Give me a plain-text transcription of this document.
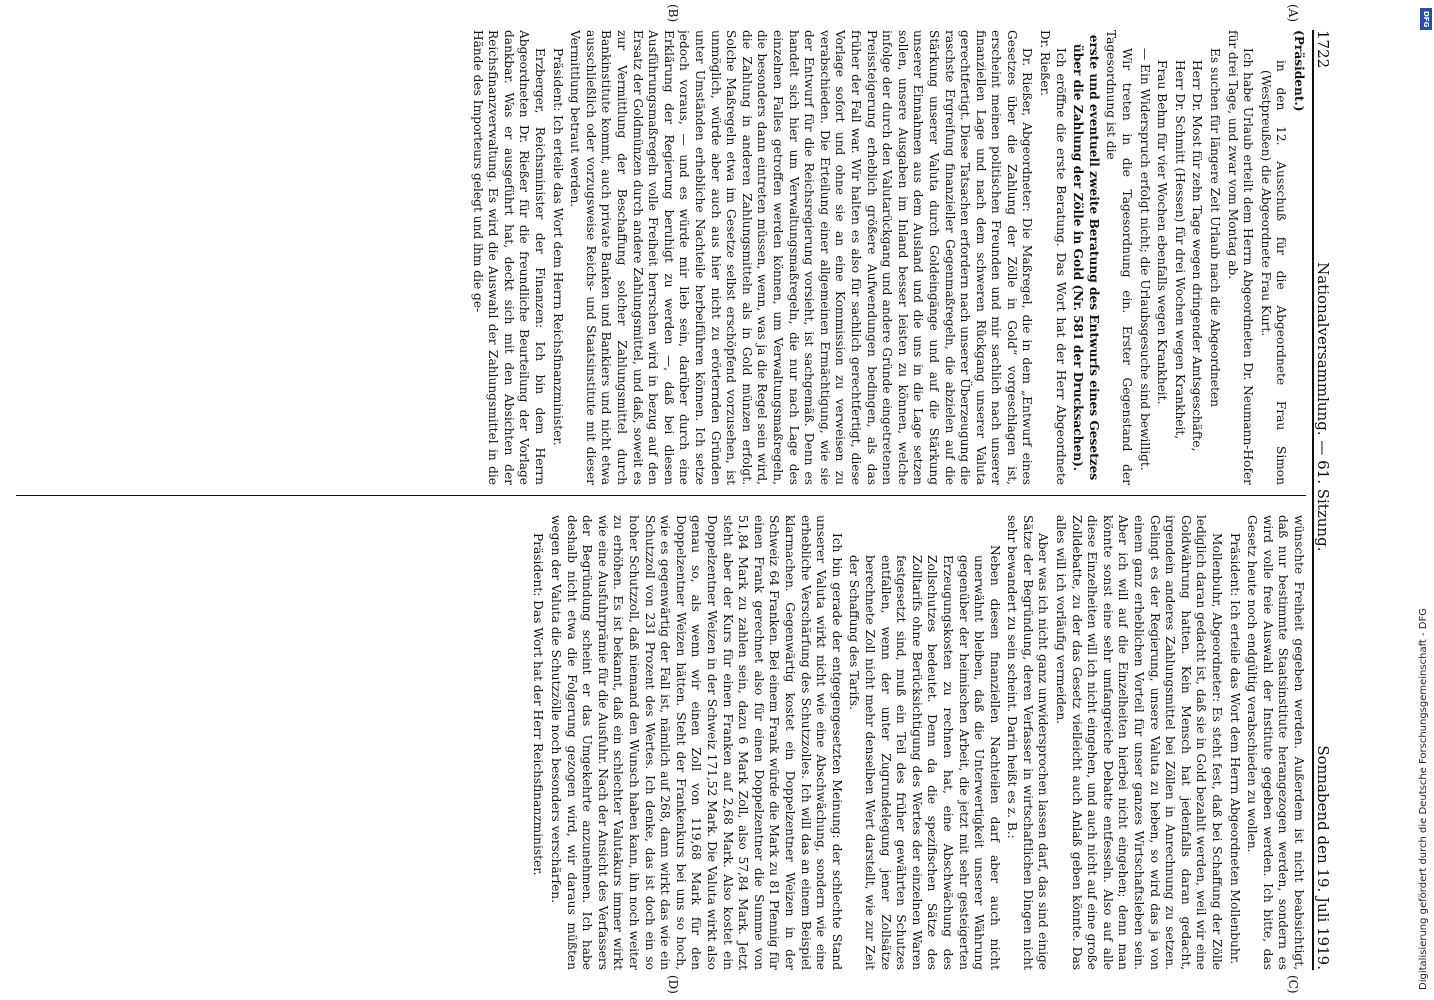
1722
Nationalversammlung. — 61. Sitzung.
Sonnabend den 19. Juli 1919.
(A)
(B)
(C)
(D)

(Präsident.)

in den 12. Ausschuß für die Abgeordnete Frau Simon (Westpreußen) die Abgeordnete Frau Kurt.

Ich habe Urlaub erteilt dem Herrn Abgeordneten Dr. Neumann-Hofer für drei Tage, und zwar vom Montag ab.

Es suchen für längere Zeit Urlaub nach die Abgeordneten

Herr Dr. Most für zehn Tage wegen dringender Amtsgeschäfte,

Herr Dr. Schmitt (Hessen) für drei Wochen wegen Krankheit,

Frau Behm für vier Wochen ebenfalls wegen Krankheit.

— Ein Widerspruch erfolgt nicht; die Urlaubsgesuche sind bewilligt.

Wir treten in die Tagesordnung ein. Erster Gegenstand der Tagesordnung ist die

erste und eventuell zweite Beratung des Entwurfs eines Gesetzes über die Zahlung der Zölle in Gold (Nr. 581 der Drucksachen).

Ich eröffne die erste Beratung. Das Wort hat der Herr Abgeordnete Dr. Rießer.

Dr. Rießer, Abgeordneter: Die Maßregel, die in dem „Entwurf eines Gesetzes über die Zahlung der Zölle in Gold“ vorgeschlagen ist, erscheint meinen politischen Freunden und mir sachlich nach unserer finanziellen Lage und nach dem schweren Rückgang unserer Valuta gerechtfertigt. Diese Tatsachen erfordern nach unserer Überzeugung die raschste Ergreifung finanzieller Gegenmaßregeln, die abzielen auf die Stärkung unserer Valuta durch Goldeingänge und auf die Stärkung unserer Einnahmen aus dem Ausland und die uns in die Lage setzen sollen, unsere Ausgaben im Inland besser leisten zu können, welche infolge der durch den Valutarückgang und andere Gründe eingetretenen Preissteigerung erheblich größere Aufwendungen bedingen, als das früher der Fall war. Wir halten es also für sachlich gerechtfertigt, diese Vorlage sofort und ohne sie an eine Kommission zu verweisen zu verabschieden. Die Erteilung einer allgemeinen Ermächtigung, wie sie der Entwurf für die Reichsregierung vorsieht, ist sachgemäß. Denn es handelt sich hier um Verwaltungsmaßregeln, die nur nach Lage des einzelnen Falles getroffen werden können, um Verwaltungsmaßregeln, die besonders dann eintreten müssen, wenn, was ja die Regel sein wird, die Zahlung in anderen Zahlungsmitteln als in Gold münzen erfolgt. Solche Maßregeln etwa im Gesetze selbst erschöpfend vorzusehen, ist unmöglich, würde aber auch aus hier nicht zu erörternden Gründen unter Umständen erhebliche Nachteile herbeiführen können. Ich setze jedoch voraus, — und es würde mir lieb sein, darüber durch eine Erklärung der Regierung beruhigt zu werden —, daß bei diesen Ausführungsmaßregeln volle Freiheit herrschen wird in bezug auf den Ersatz der Goldmünzen durch andere Zahlungsmittel, und daß, soweit es zur Vermittlung der Beschaffung solcher Zahlungsmittel durch Bankinstitute kommt, auch private Banken und Bankiers und nicht etwa ausschließlich oder vorzugsweise Reichs- und Staatsinstitute mit dieser Vermittlung betraut werden.

Präsident: Ich erteile das Wort dem Herrn Reichsfinanzminister.

Erzberger, Reichsminister der Finanzen: Ich bin dem Herrn Abgeordneten Dr. Rießer für die freundliche Beurteilung der Vorlage dankbar. Was er ausgeführt hat, deckt sich mit den Absichten der Reichsfinanzverwaltung. Es wird die Auswahl der Zahlungsmittel in die Hände des Importeurs gelegt und ihm die ge-

wünschte Freiheit gegeben werden. Außerdem ist nicht beabsichtigt, daß nur bestimmte Staatsinstitute herangezogen werden, sondern es wird volle freie Auswahl der Institute gegeben werden. Ich bitte, das Gesetz heute noch endgültig verabschieden zu wollen.

Präsident: Ich erteile das Wort dem Herrn Abgeordneten Mollenbuhr.

Mollenbuhr, Abgeordneter: Es steht fest, daß bei Schaffung der Zölle lediglich daran gedacht ist, daß sie in Gold bezahlt werden, weil wir eine Goldwährung hatten. Kein Mensch hat jedenfalls daran gedacht, irgendein anderes Zahlungsmittel bei Zöllen in Anrechnung zu setzen. Gelingt es der Regierung, unsere Valuta zu heben, so wird das ja von einem ganz erheblichen Vorteil für unser ganzes Wirtschaftsleben sein. Aber ich will auf die Einzelheiten hierbei nicht eingehen; denn man könnte sonst eine sehr umfangreiche Debatte entfesseln. Also auf alle diese Einzelheiten will ich nicht eingehen, und auch nicht auf eine große Zolldebatte, zu der das Gesetz vielleicht auch Anlaß geben könnte. Das alles will ich vorläufig vermeiden.

Aber was ich nicht ganz unwidersprochen lassen darf, das sind einige Sätze der Begründung, deren Verfasser in wirtschaftlichen Dingen nicht sehr bewandert zu sein scheint. Darin heißt es z. B.:

Neben diesen finanziellen Nachteilen darf aber auch nicht unerwähnt bleiben, daß die Unterwertigkeit unserer Währung gegenüber der heimischen Arbeit, die jetzt mit sehr gesteigerten Erzeugungskosten zu rechnen hat, eine Abschwächung des Zollschutzes bedeutet. Denn da die spezifischen Sätze des Zolltarifs ohne Berücksichtigung des Wertes der einzelnen Waren festgesetzt sind, muß ein Teil des früher gewährten Schutzes entfallen, wenn der unter Zugrundelegung jener Zollsätze berechnete Zoll nicht mehr denselben Wert darstellt, wie zur Zeit der Schaffung des Tarifs.

Ich bin gerade der entgegengesetzten Meinung: der schlechte Stand unserer Valuta wirkt nicht wie eine Abschwächung, sondern wie eine erhebliche Verschärfung des Schutzzolles. Ich will das an einem Beispiel klarmachen. Gegenwärtig kostet ein Doppelzentner Weizen in der Schweiz 64 Franken. Bei einem Frank würde die Mark zu 81 Pfennig für einen Frank gerechnet also für einen Doppelzentner die Summe von 51,84 Mark zu zahlen sein, dazu 6 Mark Zoll, also 57,84 Mark. Jetzt steht aber der Kurs für einen Franken auf 2,68 Mark. Also kostet ein Doppelzentner Weizen in der Schweiz 171,52 Mark. Die Valuta wirkt also genau so, als wenn wir einen Zoll von 119,68 Mark für den Doppelzentner Weizen hätten. Steht der Frankenkurs bei uns so hoch, wie es gegenwärtig der Fall ist, nämlich auf 268, dann wirkt das wie ein Schutzzoll von 231 Prozent des Wertes. Ich denke, das ist doch ein so hoher Schutzzoll, daß niemand den Wunsch haben kann, ihn noch weiter zu erhöhen. Es ist bekannt, daß ein schlechter Valutakurs immer wirkt wie eine Ausfuhrprämie für die Ausfuhr. Nach der Ansicht des Verfassers der Begründung scheint er das Umgekehrte anzunehmen. Ich habe deshalb nicht etwa die Folgerung gezogen wird, wir daraus müßten wegen der Valuta die Schutzzölle noch besonders verschärfen.

Präsident: Das Wort hat der Herr Reichsfinanzminister.

DFG
Digitalisierung gefördert durch die Deutsche Forschungsgemeinschaft - DFG
